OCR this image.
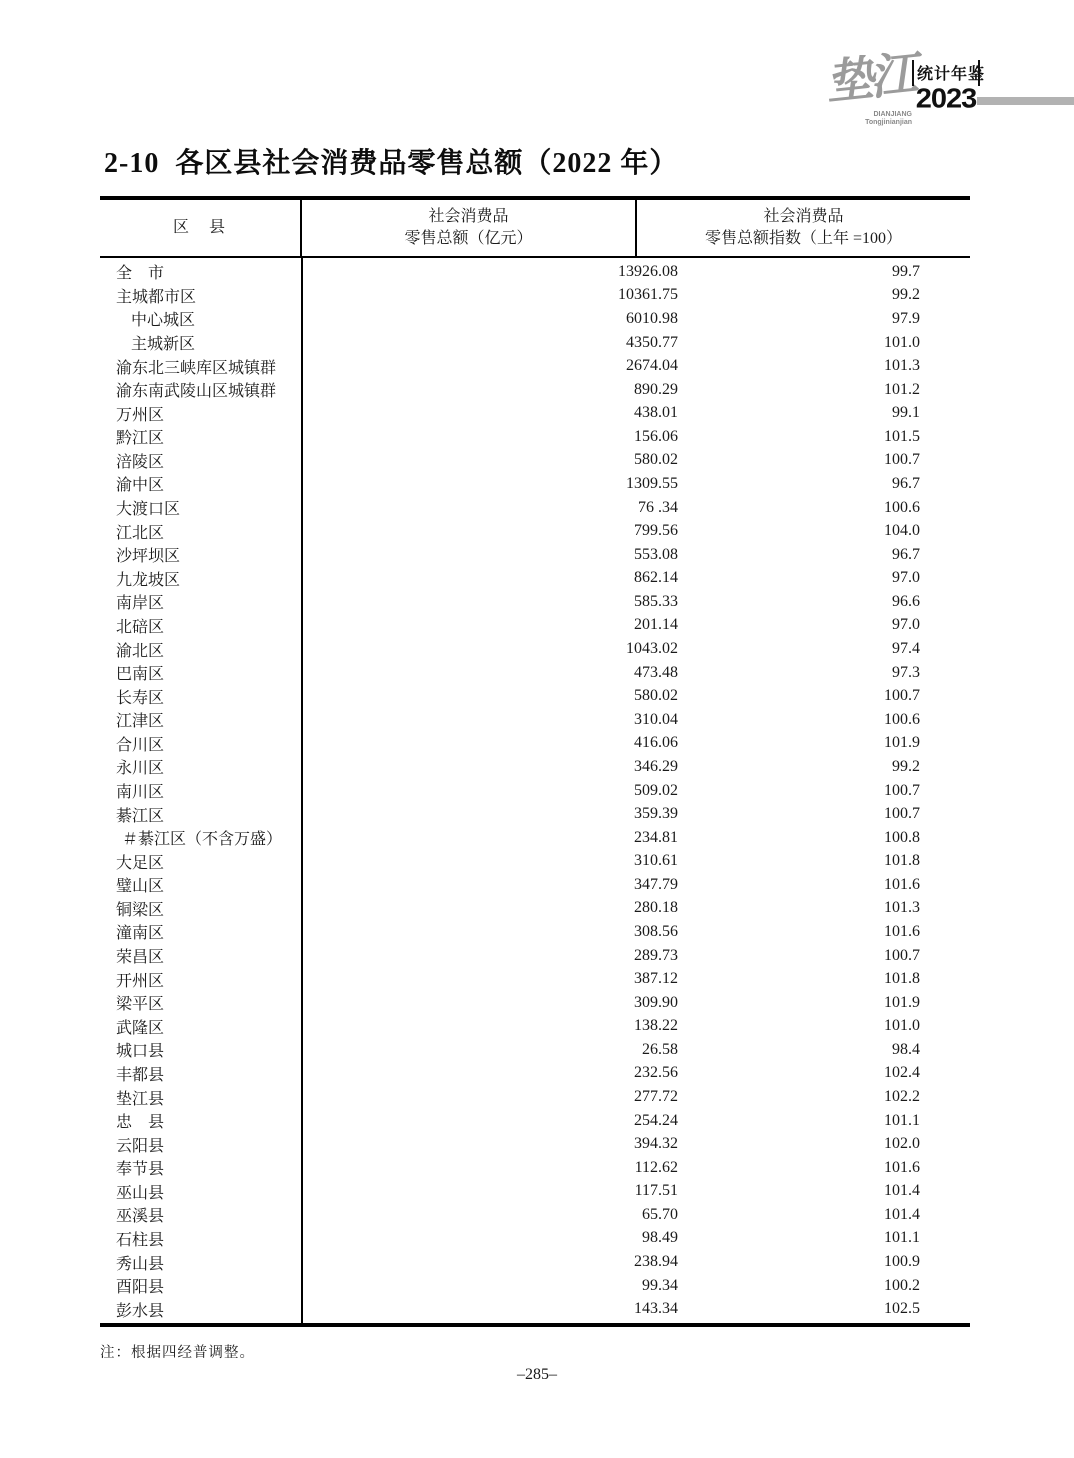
垫江
DIANJIANG
Tongjinianjian
统计年鉴
2023
2-10  各区县社会消费品零售总额（2022 年）
区　县
社会消费品
零售总额（亿元）
社会消费品
零售总额指数（上年 =100）
全　市	13926.08	99.7
主城都市区	10361.75	99.2
中心城区	6010.98	97.9
主城新区	4350.77	101.0
渝东北三峡库区城镇群	2674.04	101.3
渝东南武陵山区城镇群	890.29	101.2
万州区	438.01	99.1
黔江区	156.06	101.5
涪陵区	580.02	100.7
渝中区	1309.55	96.7
大渡口区	76 .34	100.6
江北区	799.56	104.0
沙坪坝区	553.08	96.7
九龙坡区	862.14	97.0
南岸区	585.33	96.6
北碚区	201.14	97.0
渝北区	1043.02	97.4
巴南区	473.48	97.3
长寿区	580.02	100.7
江津区	310.04	100.6
合川区	416.06	101.9
永川区	346.29	99.2
南川区	509.02	100.7
綦江区	359.39	100.7
＃綦江区（不含万盛）	234.81	100.8
大足区	310.61	101.8
璧山区	347.79	101.6
铜梁区	280.18	101.3
潼南区	308.56	101.6
荣昌区	289.73	100.7
开州区	387.12	101.8
梁平区	309.90	101.9
武隆区	138.22	101.0
城口县	26.58	98.4
丰都县	232.56	102.4
垫江县	277.72	102.2
忠　县	254.24	101.1
云阳县	394.32	102.0
奉节县	112.62	101.6
巫山县	117.51	101.4
巫溪县	65.70	101.4
石柱县	98.49	101.1
秀山县	238.94	100.9
酉阳县	99.34	100.2
彭水县	143.34	102.5
注：根据四经普调整。
–285–
